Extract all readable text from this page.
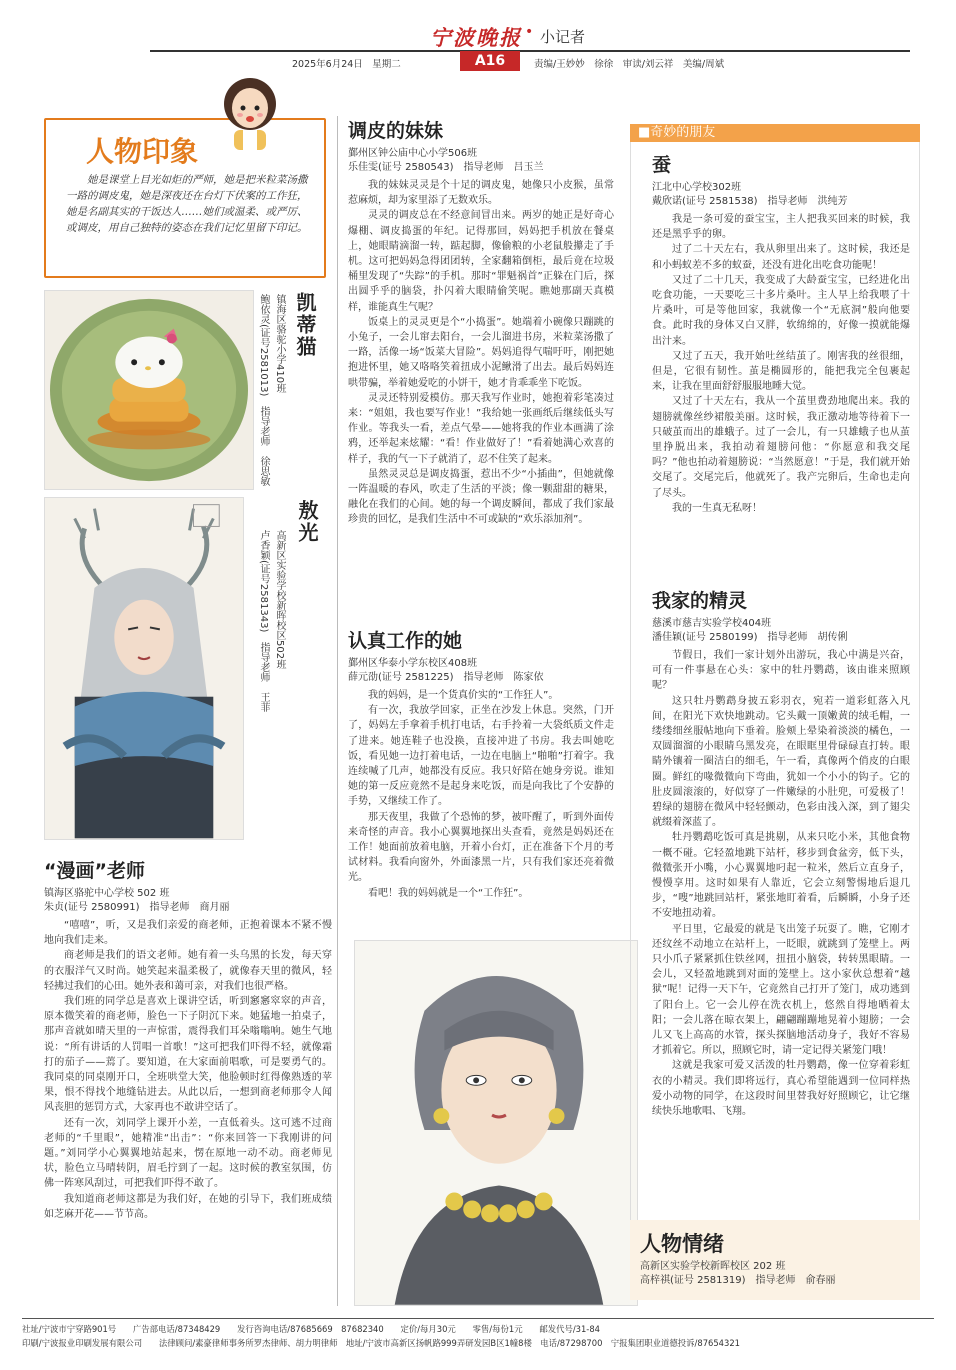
宁波晚报 • 小记者
2025年6月24日　星期二	A16	责编/王妙妙　徐徐　审读/刘云祥　美编/周斌
人物印象
她是课堂上目光如炬的严师，她是把米粒菜汤撒一路的调皮鬼，她是深夜还在台灯下伏案的工作狂，她是名副其实的干饭达人……她们或温柔、或严厉、或调皮，用自己独特的姿态在我们记忆里留下印记。
凯蒂猫
镇海区骆驼小学410班
鲍依灵(证号2581013)　指导老师　徐思敏
敖光
高新区实验学校新晖校区502班
卢香颖(证号2581343)　指导老师　王菲
“漫画”老师
镇海区骆驼中心学校 502 班
朱贞(证号 2580991)　指导老师　商月丽

“嘻嘻”，听，又是我们亲爱的商老师，正抱着课本不紧不慢地向我们走来。

商老师是我们的语文老师。她有着一头乌黑的长发，每天穿的衣服洋气又时尚。她笑起来温柔极了，就像春天里的微风，轻轻拂过我们的心田。她外表和蔼可亲，对我们也很严格。

我们班的同学总是喜欢上课讲空话，听到窸窸窣窣的声音，原本微笑着的商老师，脸色一下子阴沉下来。她猛地一拍桌子，那声音就如晴天里的一声惊雷，震得我们耳朵嗡嗡响。她生气地说：“所有讲话的人罚唱一首歌！”这可把我们吓得不轻，就像霜打的茄子——蔫了。要知道，在大家面前唱歌，可是要勇气的。我同桌的同桌刚开口，全班哄堂大笑，他脸顿时红得像熟透的苹果，恨不得找个地缝钻进去。从此以后，一想到商老师那令人闻风丧胆的惩罚方式，大家再也不敢讲空话了。

还有一次，刘同学上课开小差，一直低着头。这可逃不过商老师的“千里眼”，她精准“出击”：“你来回答一下我刚讲的问题。”刘同学小心翼翼地站起来，愣在原地一动不动。商老师见状，脸色立马晴转阴，眉毛拧到了一起。这时候的教室氛围，仿佛一阵寒风刮过，可把我们吓得不敢了。

我知道商老师这都是为我们好，在她的引导下，我们班成绩如芝麻开花——节节高。

调皮的妹妹
鄞州区钟公庙中心小学506班
乐佳雯(证号 2580543)　指导老师　吕玉兰

我的妹妹灵灵是个十足的调皮鬼，她像只小皮猴，虽常惹麻烦，却为家里添了无数欢乐。

灵灵的调皮总在不经意间冒出来。两岁的她正是好奇心爆棚、调皮捣蛋的年纪。记得那回，妈妈把手机放在餐桌上，她眼睛滴溜一转，踮起脚，像偷粮的小老鼠般攥走了手机。这可把妈妈急得团团转，全家翻箱倒柜，最后竟在垃圾桶里发现了“失踪”的手机。那时“罪魁祸首”正躲在门后，探出圆乎乎的脑袋，扑闪着大眼睛偷笑呢。瞧她那副天真模样，谁能真生气呢？

饭桌上的灵灵更是个“小捣蛋”。她端着小碗像只蹦跳的小兔子，一会儿窜去阳台，一会儿溜进书房，米粒菜汤撒了一路，活像一场“饭菜大冒险”。妈妈追得气喘吁吁，刚把她抱进怀里，她又咯咯笑着扭成小泥鳅滑了出去。最后妈妈连哄带骗，举着她爱吃的小饼干，她才肯乖乖坐下吃饭。

灵灵还特别爱模仿。那天我写作业时，她抱着彩笔凑过来：“姐姐，我也要写作业！”我给她一张画纸后继续低头写作业。等我头一看，差点气晕——她将我的作业本画满了涂鸦，还举起来炫耀：“看！作业做好了！”看着她满心欢喜的样子，我的气一下子就消了，忍不住笑了起来。

虽然灵灵总是调皮捣蛋，惹出不少“小插曲”，但她就像一阵温暖的春风，吹走了生活的平淡；像一颗甜甜的糖果，融化在我们的心间。她的每一个调皮瞬间，都成了我们家最珍贵的回忆，是我们生活中不可或缺的“欢乐添加剂”。

认真工作的她
鄞州区华泰小学东校区408班
薛元劭(证号 2581225)　指导老师　陈家依

我的妈妈，是一个货真价实的“工作狂人”。

有一次，我放学回家，正坐在沙发上休息。突然，门开了，妈妈左手拿着手机打电话，右手拎着一大袋纸质文件走了进来。她连鞋子也没换，直接冲进了书房。我去叫她吃饭，看见她一边打着电话，一边在电脑上“啪啪”打着字。我连续喊了几声，她都没有反应。我只好陪在她身旁说。谁知她的第一反应竟然不是起身来吃饭，而是向我比了个安静的手势，又继续工作了。

那天夜里，我做了个恐怖的梦，被吓醒了，听到外面传来奇怪的声音。我小心翼翼地探出头查看，竟然是妈妈还在工作！她面前放着电脑，开着小台灯，正在准备下个月的考试材料。我看向窗外，外面漆黑一片，只有我们家还亮着微光。

看吧！我的妈妈就是一个“工作狂”。

■奇妙的朋友
蚕
江北中心学校302班
戴欣诺(证号 2581538)　指导老师　洪纯芳

我是一条可爱的蚕宝宝，主人把我买回来的时候，我还是黑乎乎的卵。

过了二十天左右，我从卵里出来了。这时候，我还是和小蚂蚁差不多的蚁蚕，还没有进化出吃食功能呢！

又过了二十几天，我变成了大龄蚕宝宝，已经进化出吃食功能，一天要吃三十多片桑叶。主人早上给我喂了十片桑叶，可是等他回家，我就像一个“无底洞”般向他要食。此时我的身体又白又胖，软绵绵的，好像一摸就能爆出汁来。

又过了五天，我开始吐丝结茧了。刚害我的丝很细，但是，它很有韧性。茧是椭圆形的，能把我完全包裹起来，让我在里面舒舒服服地睡大觉。

又过了十天左右，我从一个茧里费劲地爬出来。我的翅膀就像丝纱裙般美丽。这时候，我正激动地等待着下一只破茧而出的雄蛾子。过了一会儿，有一只雄蛾子也从茧里挣脱出来，我拍动着翅膀问他：“你愿意和我交尾吗？”他也拍动着翅膀说：“当然愿意！”于是，我们就开始交尾了。交尾完后，他就死了。我产完卵后，生命也走向了尽头。

我的一生真无私呀！

我家的精灵
慈溪市慈吉实验学校404班
潘佳颖(证号 2580199)　指导老师　胡传俐

节假日，我们一家计划外出游玩，我心中满是兴奋，可有一件事悬在心头：家中的牡丹鹦鹉，该由谁来照顾呢？

这只牡丹鹦鹉身披五彩羽衣，宛若一道彩虹落入凡间，在阳光下欢快地跳动。它头戴一顶嫩黄的绒毛帽，一缕缕细丝服帖地向下垂着。脸颊上晕染着淡淡的橘色，一双圆溜溜的小眼睛乌黑发亮，在眼眶里骨碌碌直打转。眼睛外镶着一圈洁白的细毛，午一看，真像两个俏皮的白眼圈。鲜红的喙微微向下弯曲，犹如一个小小的钩子。它的肚皮圆滚滚的，好似穿了一件嫩绿的小肚兜，可爱极了！碧绿的翅膀在微风中轻轻颤动，色彩由浅入深，到了翅尖就缀着深蓝了。

牡丹鹦鹉吃饭可真是挑剔，从来只吃小米，其他食物一概不碰。它轻盈地跳下站杆，移步到食盆旁，低下头，微微张开小嘴，小心翼翼地叼起一粒米，然后立直身子，慢慢享用。这时如果有人靠近，它会立刻警惕地后退几步，“嗖”地跳回站杆，紧张地盯着看，后瞬瞬，小身子还不安地扭动着。

平日里，它最爱的就是飞出笼子玩耍了。瞧，它刚才还纹丝不动地立在站杆上，一眨眼，就跳到了笼壁上。两只小爪子紧紧抓住铁丝网，扭扭小脑袋，转转黑眼睛。一会儿，又轻盈地跳到对面的笼壁上。这小家伙总想着“越狱”呢！记得一天下午，它竟然自己打开了笼门，成功逃到了阳台上。它一会儿停在洗衣机上，悠然自得地晒着太阳；一会儿落在晾衣架上，翩翩蹦蹦地晃着小翅膀；一会儿又飞上高高的水管，探头探脑地活动身子，我好不容易才抓着它。所以，照顾它时，请一定记得关紧笼门哦！

这就是我家可爱又活泼的牡丹鹦鹉，像一位穿着彩虹衣的小精灵。我们即将远行，真心希望能遇到一位同样热爱小动物的同学，在这段时间里替我好好照顾它，让它继续快乐地歌唱、飞翔。

人物情绪
高新区实验学校新晖校区 202 班
高梓祺(证号 2581319)　指导老师　俞春丽
社址/宁波市宁穿路901号　　广告部电话/87348429　　发行咨询电话/87685669　87682340　　定价/每月30元　　零售/每份1元　　邮发代号/31-84
印刷/宁波报业印刷发展有限公司　　法律顾问/素豪律师事务所罗杰律师、胡力明律师　地址/宁波市高新区扬帆路999弄研发园B区1幢8楼　电话/87298700　宁报集团职业道德投诉/87654321
